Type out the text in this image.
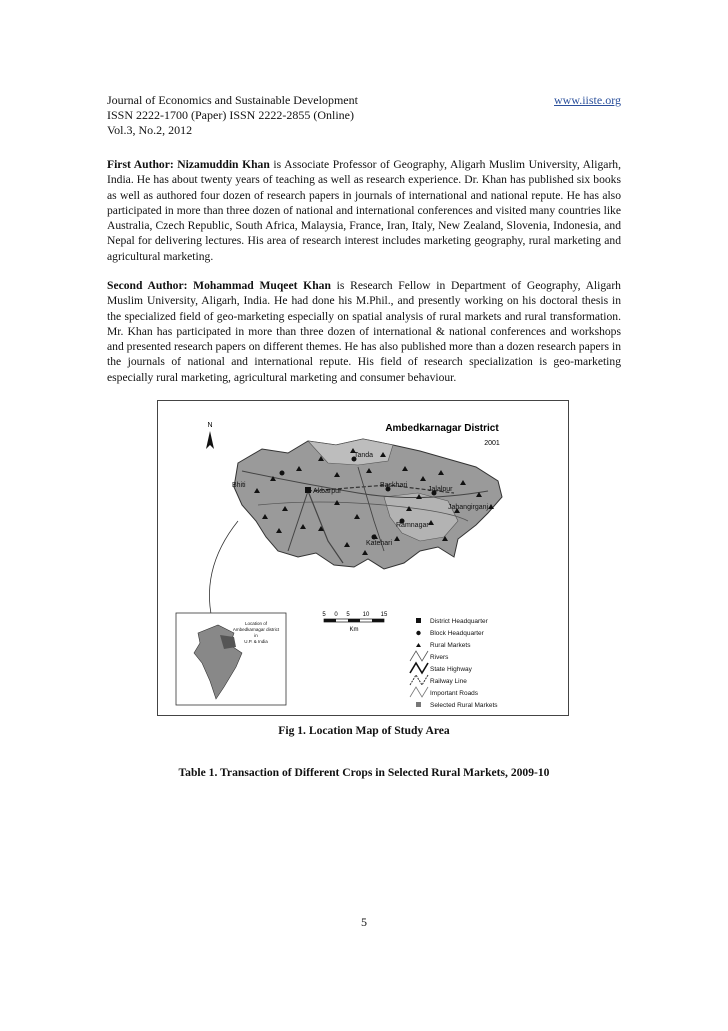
Journal of Economics and Sustainable Development	www.iiste.org
ISSN 2222-1700 (Paper) ISSN 2222-2855 (Online)
Vol.3, No.2, 2012

First Author: Nizamuddin Khan is Associate Professor of Geography, Aligarh Muslim University, Aligarh, India. He has about twenty years of teaching as well as research experience. Dr. Khan has published six books as well as authored four dozen of research papers in journals of international and national repute. He has also participated in more than three dozen of national and international conferences and visited many countries like Australia, Czech Republic, South Africa, Malaysia, France, Iran, Italy, New Zealand, Slovenia, Indonesia, and Nepal for delivering lectures. His area of research interest includes marketing geography, rural marketing and agricultural marketing.

Second Author: Mohammad Muqeet Khan is Research Fellow in Department of Geography, Aligarh Muslim University, Aligarh, India. He had done his M.Phil., and presently working on his doctoral thesis in the specialized field of geo-marketing especially on spatial analysis of rural markets and rural transformation. Mr. Khan has participated in more than three dozen of international & national conferences and workshops and presented research papers on different themes. He has also published more than a dozen research papers in the journals of national and international repute. His field of research specialization is geo-marketing especially rural marketing, agricultural marketing and consumer behaviour.

Bhiti
Akbarpur
Tanda
Baskhari
Jalalpur
Jahangirganj
Ramnagar
Katehari
Ambedkarnagar District
2001
N
Location of
Ambedkarnagar district
in
U.P. & India
5 0 5 10 15
Km
District Headquarter
Block Headquarter
Rural Markets
Rivers
State Highway
Railway Line
Important Roads
Selected Rural Markets
Fig 1. Location Map of Study Area
Table 1. Transaction of Different Crops in Selected Rural Markets, 2009-10
5
